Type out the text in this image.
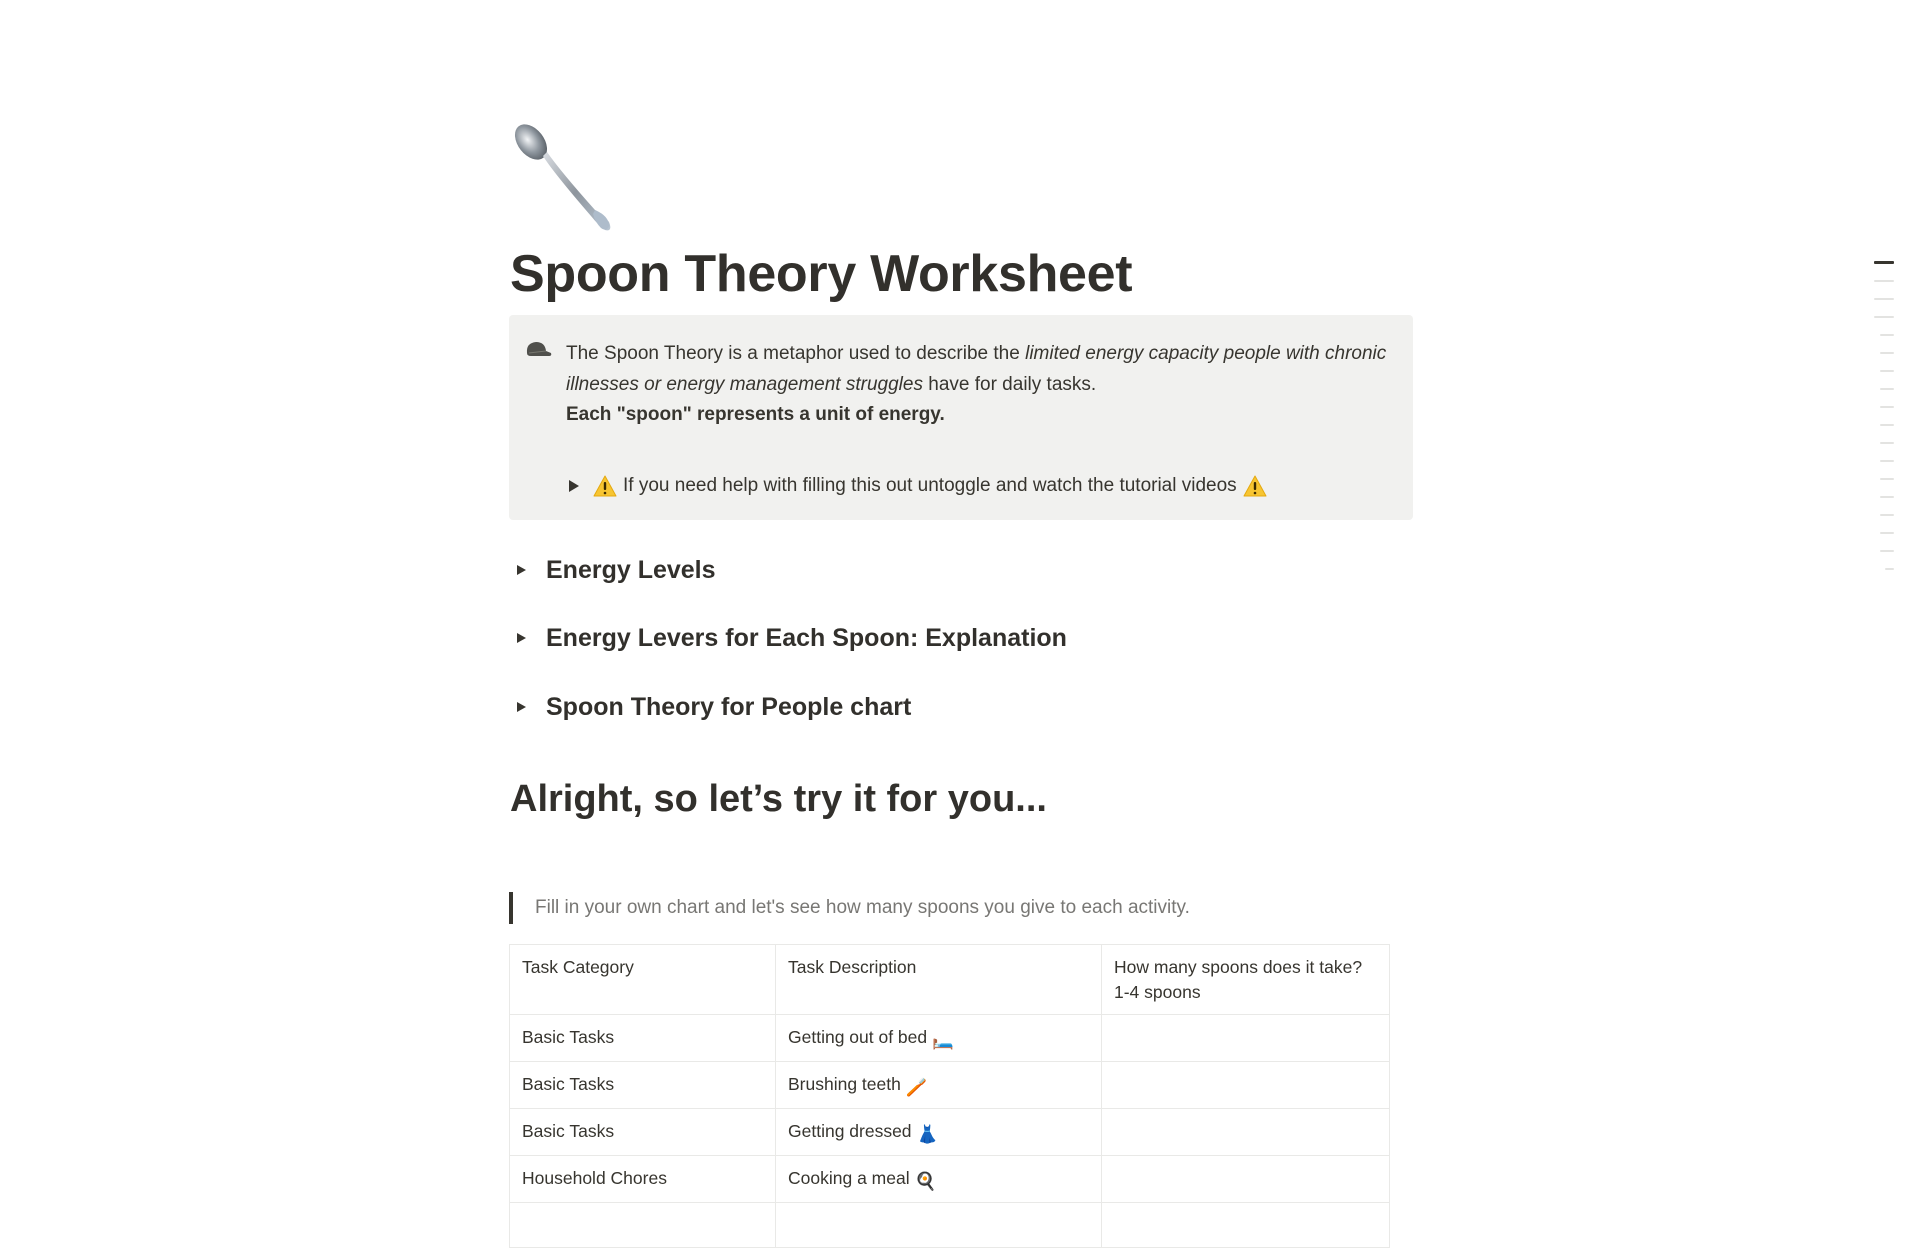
Spoon Theory Worksheet
The Spoon Theory is a metaphor used to describe the limited energy capacity people with chronic illnesses or energy management struggles have for daily tasks.
Each "spoon" represents a unit of energy.
If you need help with filling this out untoggle and watch the tutorial videos
Energy Levels
Energy Levers for Each Spoon: Explanation
Spoon Theory for People chart
Alright, so let’s try it for you...
Fill in your own chart and let's see how many spoons you give to each activity.
Task Category	Task Description	How many spoons does it take? 1-4 spoons
Basic Tasks	Getting out of bed 🛏️	
Basic Tasks	Brushing teeth 🪥	
Basic Tasks	Getting dressed 👗	
Household Chores	Cooking a meal 🍳	
